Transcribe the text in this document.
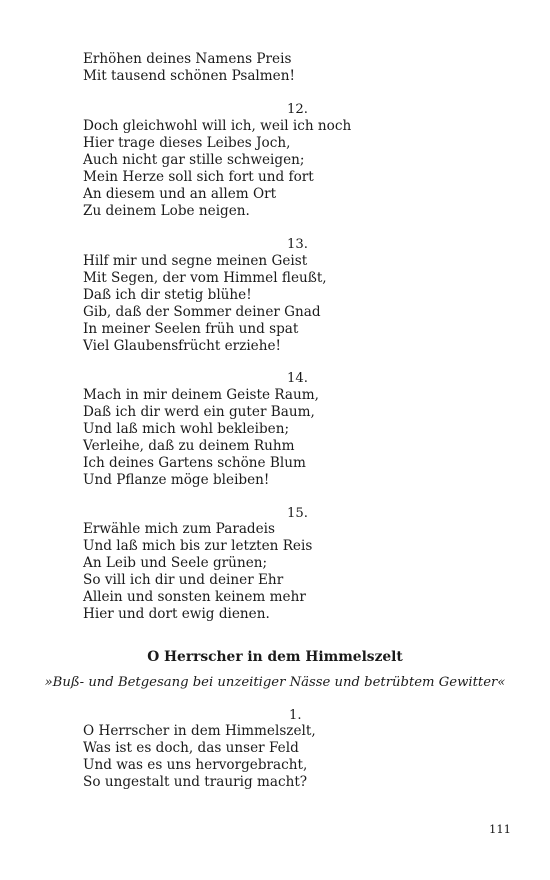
Erhöhen deines Namens Preis
Mit tausend schönen Psalmen!
12.
Doch gleichwohl will ich, weil ich noch
Hier trage dieses Leibes Joch,
Auch nicht gar stille schweigen;
Mein Herze soll sich fort und fort
An diesem und an allem Ort
Zu deinem Lobe neigen.
13.
Hilf mir und segne meinen Geist
Mit Segen, der vom Himmel fleußt,
Daß ich dir stetig blühe!
Gib, daß der Sommer deiner Gnad
In meiner Seelen früh und spat
Viel Glaubensfrücht erziehe!
14.
Mach in mir deinem Geiste Raum,
Daß ich dir werd ein guter Baum,
Und laß mich wohl bekleiben;
Verleihe, daß zu deinem Ruhm
Ich deines Gartens schöne Blum
Und Pflanze möge bleiben!
15.
Erwähle mich zum Paradeis
Und laß mich bis zur letzten Reis
An Leib und Seele grünen;
So vill ich dir und deiner Ehr
Allein und sonsten keinem mehr
Hier und dort ewig dienen.
O Herrscher in dem Himmelszelt
»Buß- und Betgesang bei unzeitiger Nässe und betrübtem Gewitter«
1.
O Herrscher in dem Himmelszelt,
Was ist es doch, das unser Feld
Und was es uns hervorgebracht,
So ungestalt und traurig macht?
111
